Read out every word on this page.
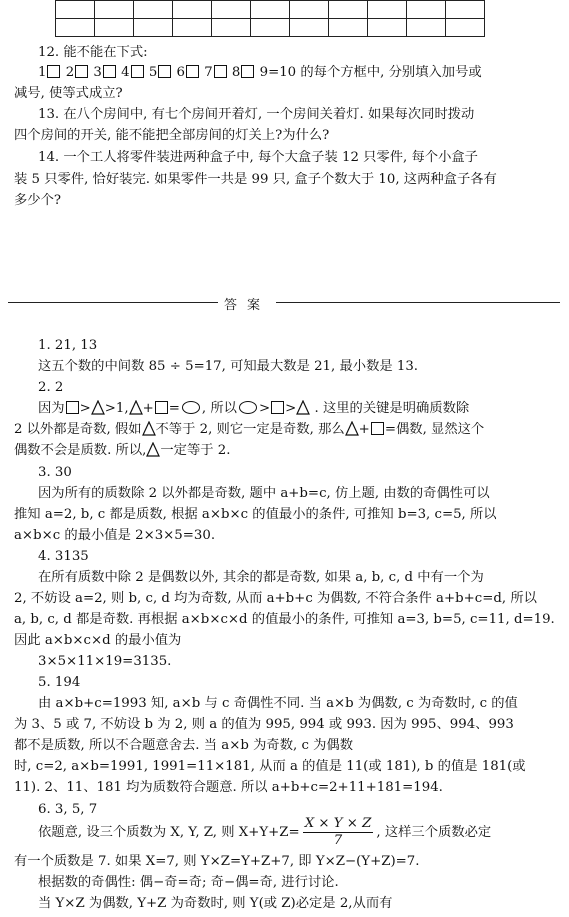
12. 能不能在下式:
1 2 3 4 5 6 7 8 9=10 的每个方框中, 分别填入加号或
减号, 使等式成立?
13. 在八个房间中, 有七个房间开着灯, 一个房间关着灯. 如果每次同时拨动
四个房间的开关, 能不能把全部房间的灯关上?为什么?
14. 一个工人将零件装进两种盒子中, 每个大盒子装 12 只零件, 每个小盒子
装 5 只零件, 恰好装完. 如果零件一共是 99 只, 盒子个数大于 10, 这两种盒子各有
多少个?
答案
1. 21, 13
这五个数的中间数 85 ÷ 5=17, 可知最大数是 21, 最小数是 13.
2. 2
因为 > >1, + = , 所以 > > . 这里的关键是明确质数除
2 以外都是奇数, 假如 不等于 2, 则它一定是奇数, 那么 + =偶数, 显然这个
偶数不会是质数. 所以, 一定等于 2.
3. 30
因为所有的质数除 2 以外都是奇数, 题中 a+b=c, 仿上题, 由数的奇偶性可以
推知 a=2, b, c 都是质数, 根据 a×b×c 的值最小的条件, 可推知 b=3, c=5, 所以
a×b×c 的最小值是 2×3×5=30.
4. 3135
在所有质数中除 2 是偶数以外, 其余的都是奇数, 如果 a, b, c, d 中有一个为
2, 不妨设 a=2, 则 b, c, d 均为奇数, 从而 a+b+c 为偶数, 不符合条件 a+b+c=d, 所以
a, b, c, d 都是奇数. 再根据 a×b×c×d 的值最小的条件, 可推知 a=3, b=5, c=11, d=19.
因此 a×b×c×d 的最小值为
3×5×11×19=3135.
5. 194
由 a×b+c=1993 知, a×b 与 c 奇偶性不同. 当 a×b 为偶数, c 为奇数时, c 的值
为 3、5 或 7, 不妨设 b 为 2, 则 a 的值为 995, 994 或 993. 因为 995、994、993
都不是质数, 所以不合题意舍去. 当 a×b 为奇数, c 为偶数
时, c=2, a×b=1991, 1991=11×181, 从而 a 的值是 11(或 181), b 的值是 181(或
11). 2、11、181 均为质数符合题意. 所以 a+b+c=2+11+181=194.
6. 3, 5, 7
依题意, 设三个质数为 X, Y, Z, 则 $X+Y+Z= \frac{X \times Y \times Z}{7}$ , 这样三个质数必定
有一个质数是 7. 如果 X=7, 则 Y×Z=Y+Z+7, 即 Y×Z−(Y+Z)=7.
根据数的奇偶性: 偶−奇=奇; 奇−偶=奇, 进行讨论.
当 Y×Z 为偶数, Y+Z 为奇数时, 则 Y(或 Z)必定是 2,从而有
